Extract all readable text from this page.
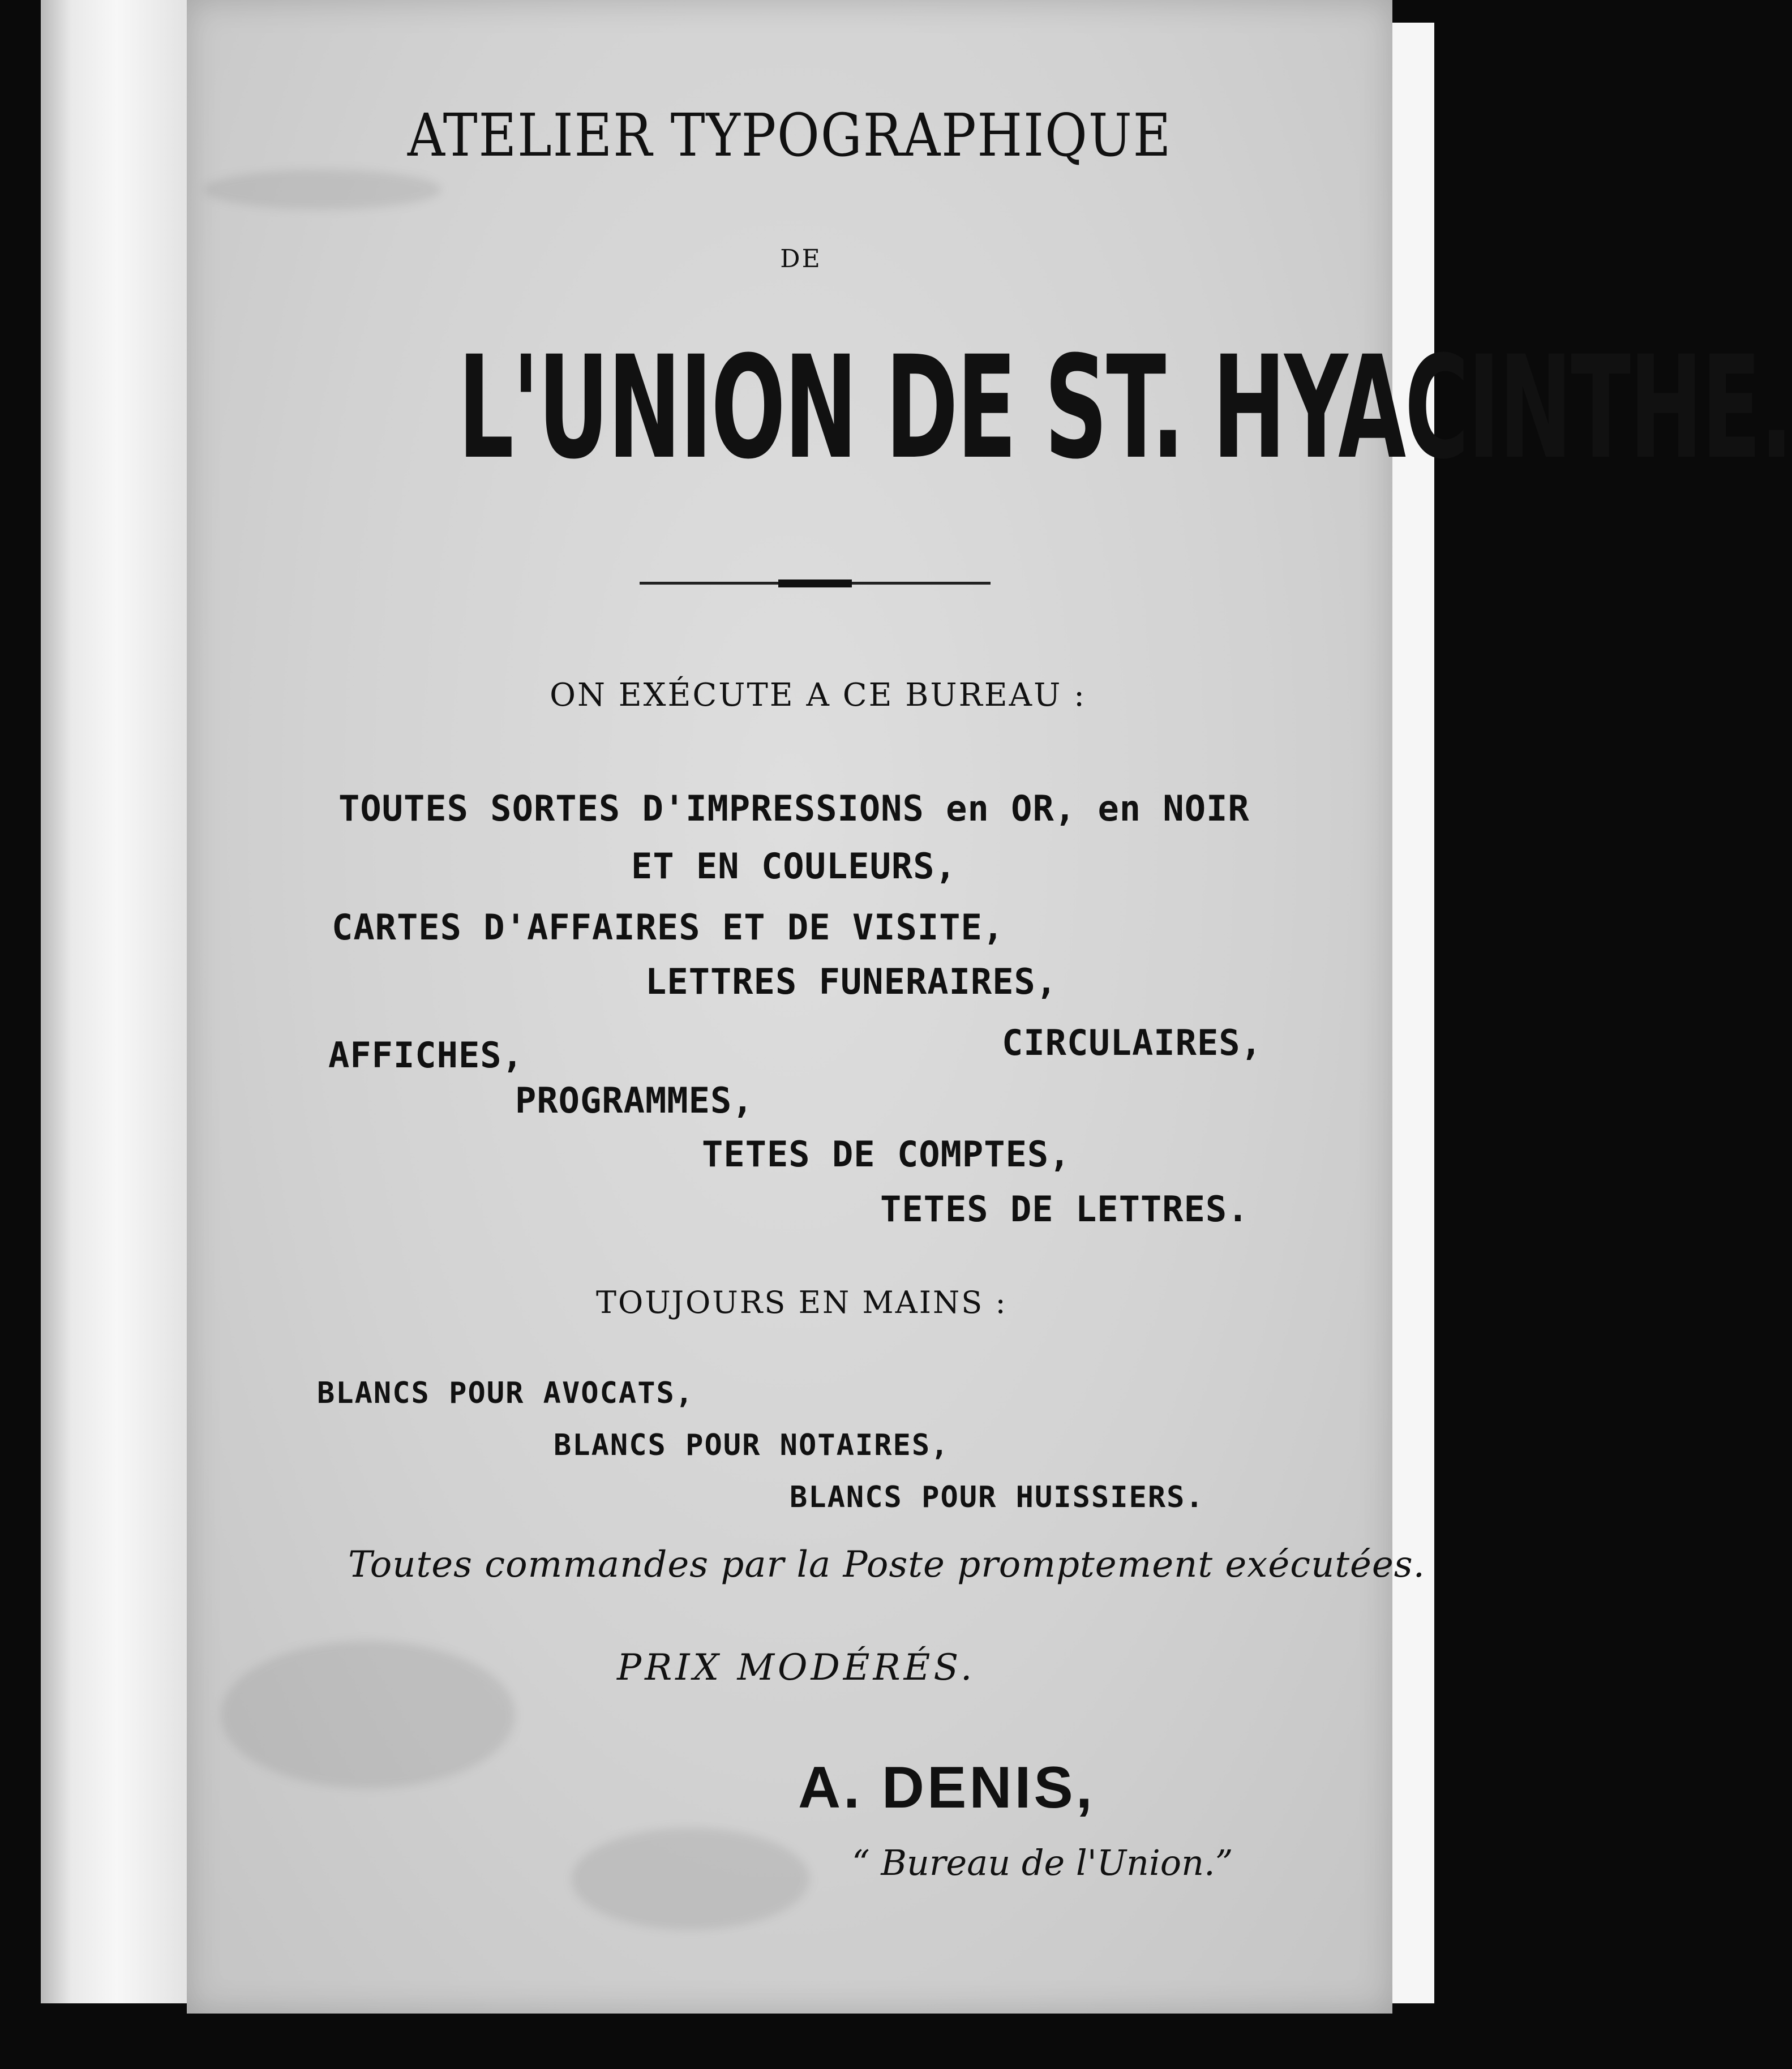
ATELIER TYPOGRAPHIQUE
DE
L'UNION DE ST. HYACINTHE.
ON EXÉCUTE A CE BUREAU :
TOUTES SORTES D'IMPRESSIONS en OR, en NOIR
ET EN COULEURS,
CARTES D'AFFAIRES ET DE VISITE,
LETTRES FUNERAIRES,
CIRCULAIRES,
AFFICHES,
PROGRAMMES,
TETES DE COMPTES,
TETES DE LETTRES.
TOUJOURS EN MAINS :
BLANCS POUR AVOCATS,
BLANCS POUR NOTAIRES,
BLANCS POUR HUISSIERS.
Toutes commandes par la Poste promptement exécutées.
PRIX MODÉRÉS.
A. DENIS,
“ Bureau de l'Union.”
